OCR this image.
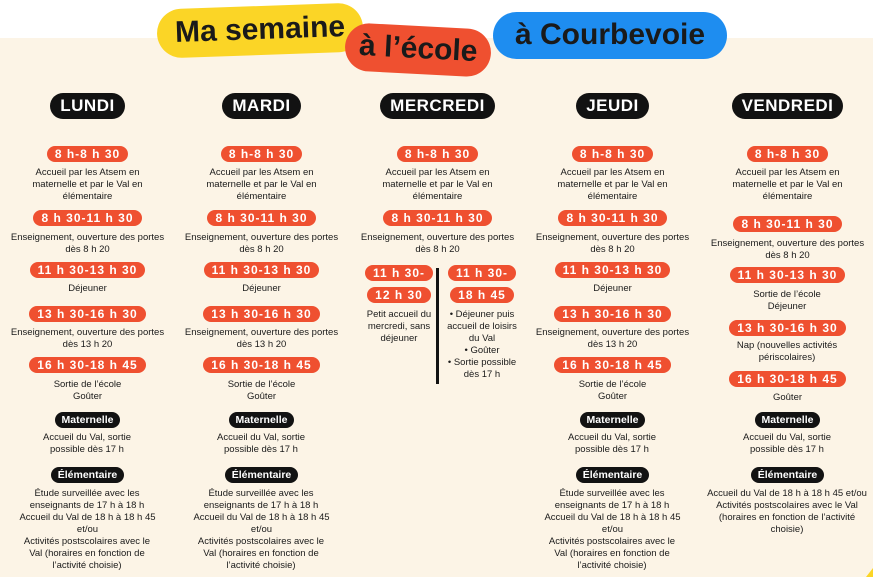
Ma semaine à l’école	à Courbevoie
LUNDI
8 h-8 h 30
Accueil par les Atsem en maternelle et par le Val en élémentaire
8 h 30-11 h 30
Enseignement, ouverture des portes dès 8 h 20
11 h 30-13 h 30
Déjeuner
13 h 30-16 h 30
Enseignement, ouverture des portes dès 13 h 20
16 h 30-18 h 45
Sortie de l’école
Goûter
Maternelle
Accueil du Val, sortie possible dès 17 h
Élémentaire
Étude surveillée avec les enseignants de 17 h à 18 h
Accueil du Val de 18 h à 18 h 45
et/ou
Activités postscolaires avec le Val (horaires en fonction de l’activité choisie)
MARDI
8 h-8 h 30
Accueil par les Atsem en maternelle et par le Val en élémentaire
8 h 30-11 h 30
Enseignement, ouverture des portes dès 8 h 20
11 h 30-13 h 30
Déjeuner
13 h 30-16 h 30
Enseignement, ouverture des portes dès 13 h 20
16 h 30-18 h 45
Sortie de l’école
Goûter
Maternelle
Accueil du Val, sortie possible dès 17 h
Élémentaire
Étude surveillée avec les enseignants de 17 h à 18 h
Accueil du Val de 18 h à 18 h 45
et/ou
Activités postscolaires avec le Val (horaires en fonction de l’activité choisie)
MERCREDI
8 h-8 h 30
Accueil par les Atsem en maternelle et par le Val en élémentaire
8 h 30-11 h 30
Enseignement, ouverture des portes dès 8 h 20
11 h 30-
12 h 30
Petit accueil du mercredi, sans déjeuner
11 h 30-
18 h 45
• Déjeuner puis accueil de loisirs du Val
• Goûter
• Sortie possible dès 17 h
JEUDI
8 h-8 h 30
Accueil par les Atsem en maternelle et par le Val en élémentaire
8 h 30-11 h 30
Enseignement, ouverture des portes dès 8 h 20
11 h 30-13 h 30
Déjeuner
13 h 30-16 h 30
Enseignement, ouverture des portes dès 13 h 20
16 h 30-18 h 45
Sortie de l’école
Goûter
Maternelle
Accueil du Val, sortie possible dès 17 h
Élémentaire
Étude surveillée avec les enseignants de 17 h à 18 h
Accueil du Val de 18 h à 18 h 45
et/ou
Activités postscolaires avec le Val (horaires en fonction de l’activité choisie)
VENDREDI
8 h-8 h 30
Accueil par les Atsem en maternelle et par le Val en élémentaire
8 h 30-11 h 30
Enseignement, ouverture des portes dès 8 h 20
11 h 30-13 h 30
Sortie de l’école Déjeuner
13 h 30-16 h 30
Nap (nouvelles activités périscolaires)
16 h 30-18 h 45
Goûter
Maternelle
Accueil du Val, sortie possible dès 17 h
Élémentaire
Accueil du Val de 18 h à 18 h 45 et/ou Activités postscolaires avec le Val (horaires en fonction de l’activité choisie)
